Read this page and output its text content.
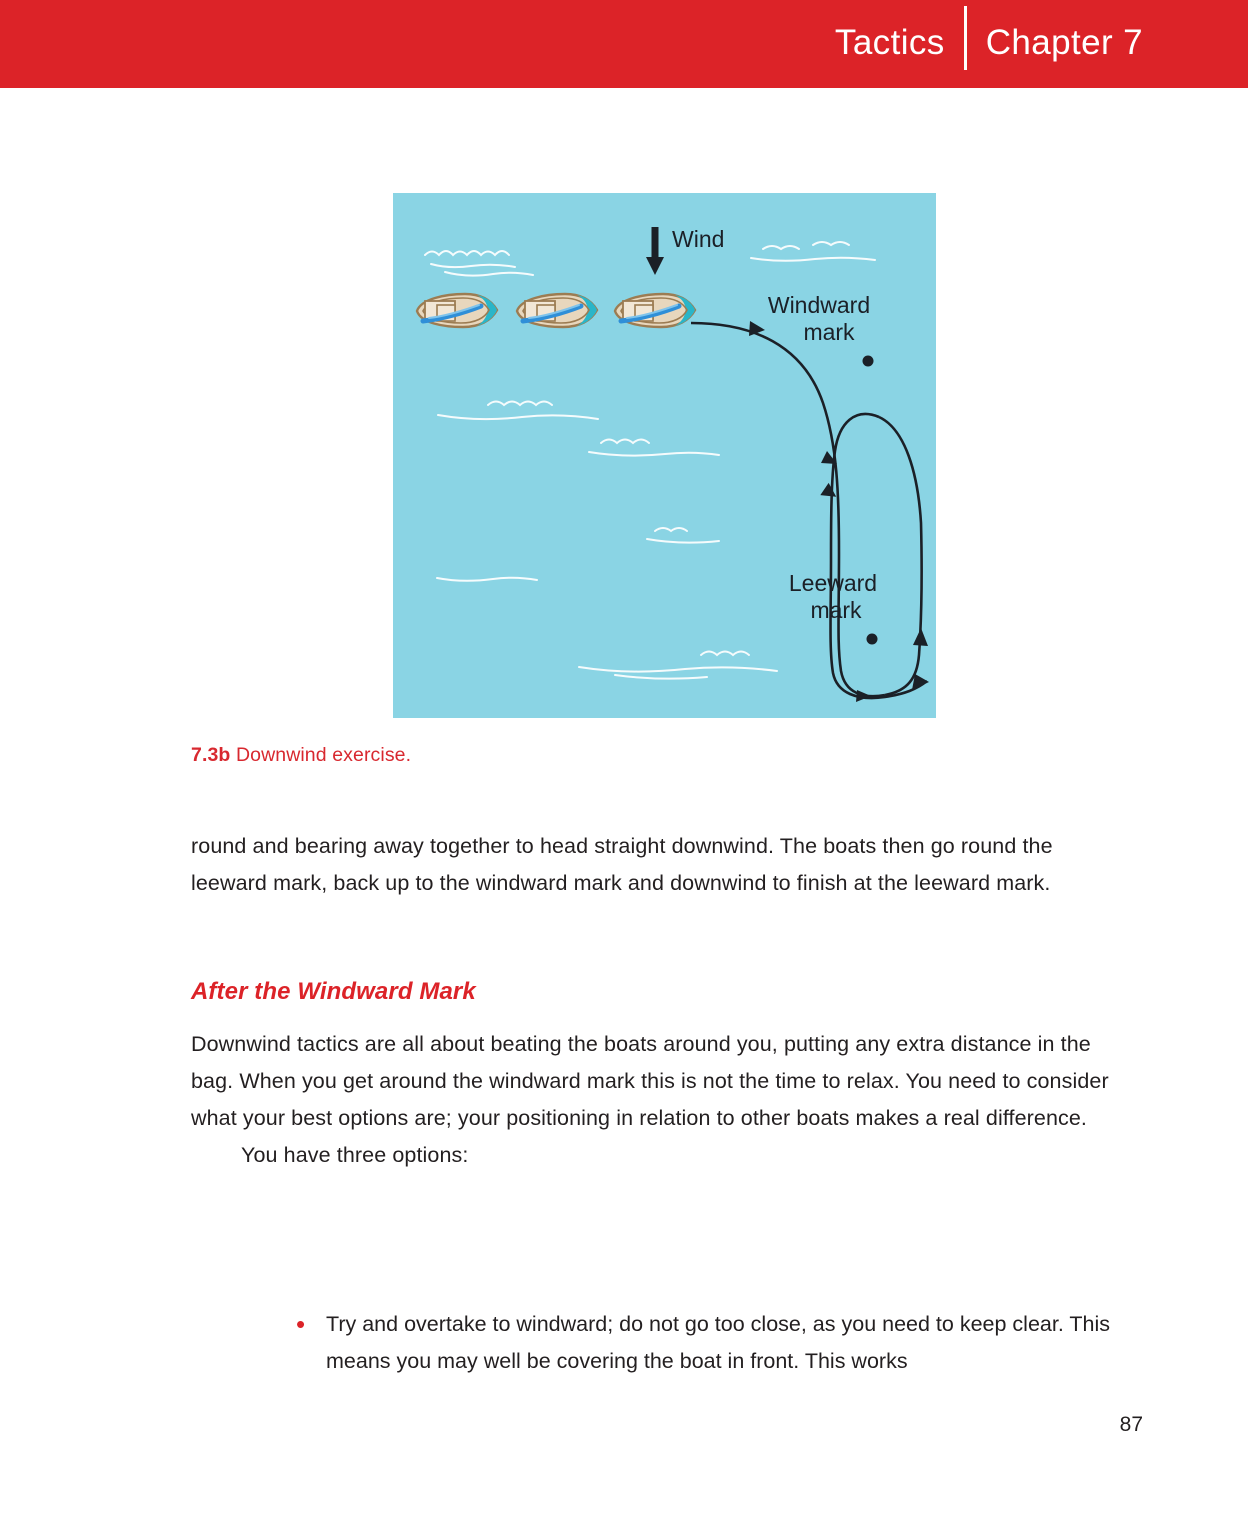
Tactics Chapter 7
Wind
Windward
mark
Leeward
mark
7.3b Downwind exercise.

round and bearing away together to head straight downwind. The boats then go round the leeward mark, back up to the windward mark and downwind to finish at the leeward mark.

After the Windward Mark

Downwind tactics are all about beating the boats around you, putting any extra distance in the bag. When you get around the windward mark this is not the time to relax. You need to consider what your best options are; your positioning in relation to other boats makes a real difference.

You have three options:

• Try and overtake to windward; do not go too close, as you need to keep clear. This means you may well be covering the boat in front. This works
87
